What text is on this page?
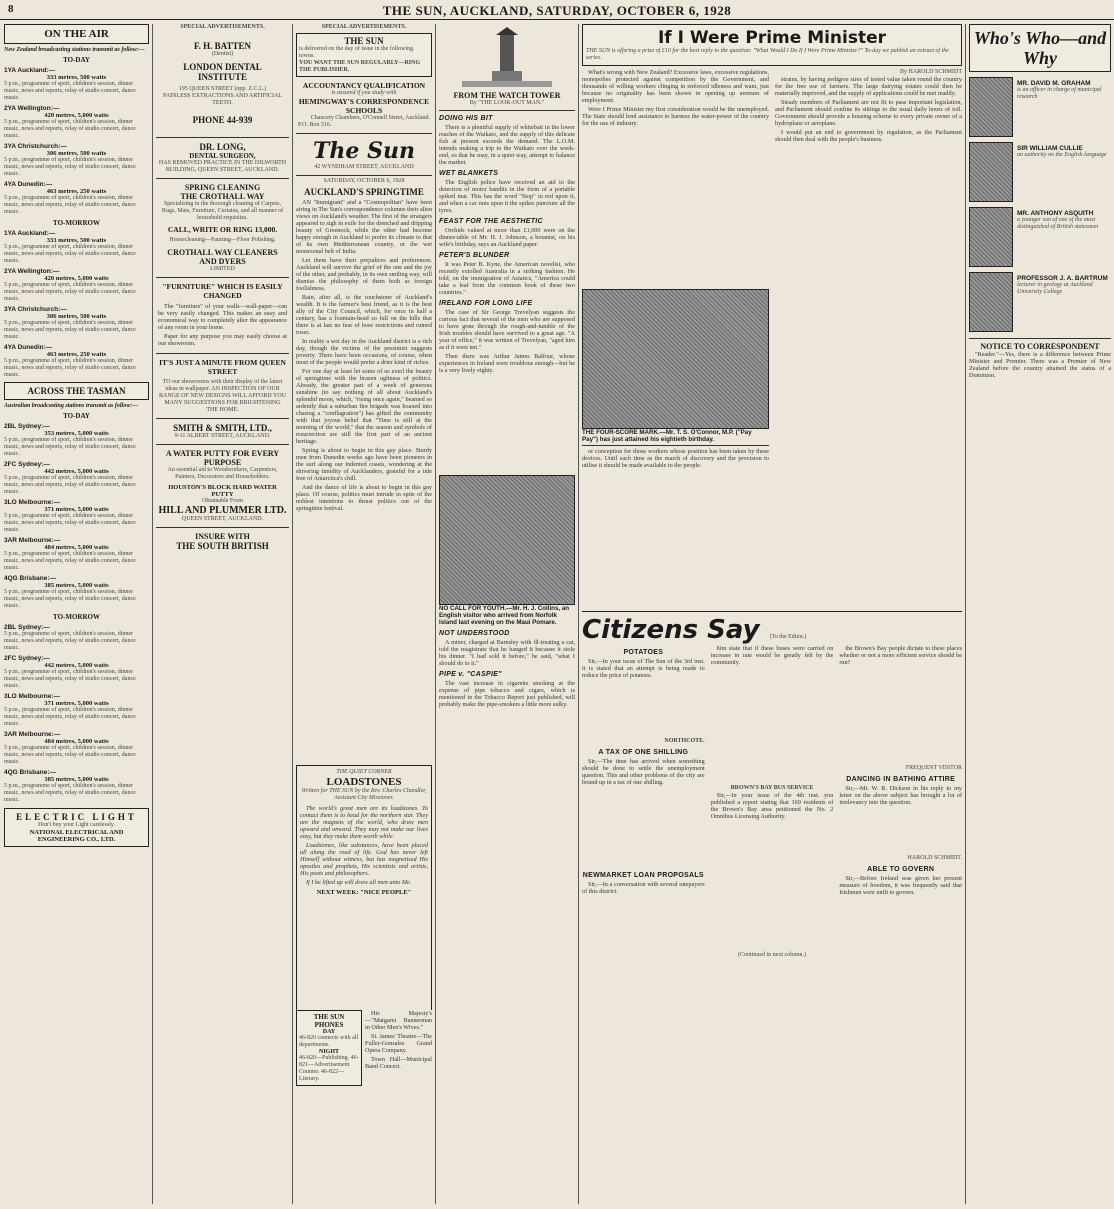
8	THE SUN, AUCKLAND, SATURDAY, OCTOBER 6, 1928
ON THE AIR
New Zealand broadcasting stations transmit as follow:—
TO-DAY
1YA Auckland:—
333 metres, 500 watts
5 p.m., programme of sport, children's session, dinner music, news and reports, relay of studio concert, dance music.
2YA Wellington:—
420 metres, 5,000 watts
5 p.m., programme of sport, children's session, dinner music, news and reports, relay of studio concert, dance music.
3YA Christchurch:—
306 metres, 500 watts
5 p.m., programme of sport, children's session, dinner music, news and reports, relay of studio concert, dance music.
4YA Dunedin:—
463 metres, 250 watts
5 p.m., programme of sport, children's session, dinner music, news and reports, relay of studio concert, dance music.
TO-MORROW
1YA Auckland:—
333 metres, 500 watts
5 p.m., programme of sport, children's session, dinner music, news and reports, relay of studio concert, dance music.
2YA Wellington:—
420 metres, 5,000 watts
5 p.m., programme of sport, children's session, dinner music, news and reports, relay of studio concert, dance music.
3YA Christchurch:—
306 metres, 500 watts
5 p.m., programme of sport, children's session, dinner music, news and reports, relay of studio concert, dance music.
4YA Dunedin:—
463 metres, 250 watts
5 p.m., programme of sport, children's session, dinner music, news and reports, relay of studio concert, dance music.
ACROSS THE TASMAN
Australian broadcasting stations transmit as follow:—
TO-DAY
2BL Sydney:—
353 metres, 5,000 watts
5 p.m., programme of sport, children's session, dinner music, news and reports, relay of studio concert, dance music.
2FC Sydney:—
442 metres, 5,000 watts
5 p.m., programme of sport, children's session, dinner music, news and reports, relay of studio concert, dance music.
3LO Melbourne:—
371 metres, 5,000 watts
5 p.m., programme of sport, children's session, dinner music, news and reports, relay of studio concert, dance music.
3AR Melbourne:—
484 metres, 5,000 watts
5 p.m., programme of sport, children's session, dinner music, news and reports, relay of studio concert, dance music.
4QG Brisbane:—
385 metres, 5,000 watts
5 p.m., programme of sport, children's session, dinner music, news and reports, relay of studio concert, dance music.
TO-MORROW
2BL Sydney:—
5 p.m., programme of sport, children's session, dinner music, news and reports, relay of studio concert, dance music.
2FC Sydney:—
442 metres, 5,000 watts
5 p.m., programme of sport, children's session, dinner music, news and reports, relay of studio concert, dance music.
3LO Melbourne:—
371 metres, 5,000 watts
5 p.m., programme of sport, children's session, dinner music, news and reports, relay of studio concert, dance music.
3AR Melbourne:—
484 metres, 5,000 watts
5 p.m., programme of sport, children's session, dinner music, news and reports, relay of studio concert, dance music.
4QG Brisbane:—
385 metres, 5,000 watts
5 p.m., programme of sport, children's session, dinner music, news and reports, relay of studio concert, dance music.
ELECTRIC LIGHT
Don't buy your Light carelessly.
NATIONAL ELECTRICAL AND ENGINEERING CO., LTD.
SPECIAL ADVERTISEMENTS.
F. H. BATTEN
(Dentist)
LONDON DENTAL INSTITUTE
195 QUEEN STREET (opp. Z.C.L.)
PAINLESS EXTRACTIONS AND ARTIFICIAL TEETH.
PHONE 44-939
DR. LONG,
DENTAL SURGEON,
HAS REMOVED PRACTICE IN THE DILWORTH BUILDING, QUEEN STREET, AUCKLAND.
SPRING CLEANING
THE CROTHALL WAY
Specialising in the thorough cleaning of Carpets, Rugs, Mats, Furniture, Curtains, and all manner of household requisites.
CALL, WRITE OR RING 13,000.
Housecleaning—Painting—Floor Polishing.
CROTHALL WAY CLEANERS AND DYERS
LIMITED
"FURNITURE" WHICH IS EASILY CHANGED

The "furniture" of your walls—wall-paper—can be very easily changed. This makes an easy and economical way to completely alter the appearance of any room in your home.

Paper for any purpose you may easily choose at our showroom.

IT'S JUST A MINUTE FROM QUEEN STREET
TO our showrooms with their display of the latest ideas in wallpaper. AN INSPECTION OF OUR RANGE OF NEW DESIGNS WILL AFFORD YOU MANY SUGGESTIONS FOR BRIGHTENING THE HOME.
SMITH & SMITH, LTD.,
9-11 ALBERT STREET, AUCKLAND.
A WATER PUTTY FOR EVERY PURPOSE
An essential aid to Woodworkers, Carpenters, Painters, Decorators and Householders.
HOUSTON'S BLOCK HARD WATER PUTTY
Obtainable From
HILL AND PLUMMER LTD.
QUEEN STREET, AUCKLAND.
INSURE WITH
THE SOUTH BRITISH
SPECIAL ADVERTISEMENTS.
THE SUN
is delivered on the day of issue in the following towns.
YOU WANT THE SUN REGULARLY—RING THE PUBLISHER.
ACCOUNTANCY QUALIFICATION
is assured if you study with
HEMINGWAY'S CORRESPONDENCE SCHOOLS
Chancery Chambers, O'Connell Street, Auckland.
P.O. Box 516.
The Sun
42 WYNDHAM STREET, AUCKLAND
SATURDAY, OCTOBER 6, 1928
AUCKLAND'S SPRINGTIME

AN "Immigrant" and a "Cosmopolitan" have been airing in The Sun's correspondence columns their alien views on Auckland's weather. The first of the strangers appeared to sigh in exile for the drenched and dripping beauty of Greenock, while the other had become happy enough in Auckland to prefer its climate to that of its own Mediterranean country, or the wet monsoonal belt of India.

Let them have their prejudices and preferences. Auckland will survive the grief of the one and the joy of the other, and probably, in its own smiling way, will dismiss the philosophy of them both as foreign foolishness.

Rain, after all, is the touchstone of Auckland's wealth. It is the farmer's best friend, as it is the best ally of the City Council, which, for once in half a century, has a fountain-head so full on the hills that there is at last no fear of hose restrictions and ruined roses.

In reality a wet day in the Auckland district is a rich day, though the victims of the pessimist suggests poverty. There have been occasions, of course, when most of the people would prefer a drier kind of riches.

For one day at least let some of us extol the beauty of springtime with the brazen ugliness of politics. Already, the greater part of a week of generous sunshine (to say nothing of all about Auckland's splendid moon, which, "rising once again," beamed so ardently that a suburban fire brigade was hoaxed into chasing a "conflagration") has gifted the community with that joyous belief that "Time is still at the morning of the world," that the season and symbols of resurrection are still the first part of an ancient heritage.

Spring is about to begin in this gay place. Sturdy men from Dunedin weeks ago have been pioneers in the surf along our indented coasts, wondering at the shivering timidity of Aucklanders, grateful for a tide free of Antarctica's chill.

And the dance of life is about to begin in this gay place. Of course, politics must intrude in spite of the noblest intentions to thrust politics out of the springtime festival.

THE QUIET CORNER
LOADSTONES
Written for THE SUN by the Rev. Charles Chandler, Assistant City Missioner.

The world's great men are its loadstones. To contact them is to head for the northern star. They are the magnets of the world, who draw men upward and onward. They may not make our lives easy, but they make them worth while.

Loadstones, like substances, have been placed all along the road of life. God has never left Himself without witness, but has magnetised His apostles and prophets, His scientists and artists, His poets and philosophers.

If I be lifted up will draw all men unto Me.

NEXT WEEK: "NICE PEOPLE"
THE SUN PHONES
DAY
46-820 connects with all departments.
NIGHT
46-820—Publishing. 46-821—Advertisement Counter. 46-822—Literary.

His Majesty's—"Margaret Bannerman in Other Men's Wives."

St. James' Theatre—The Fuller-Gonsales Grand Opera Company.

Town Hall—Municipal Band Concert.

FROM THE WATCH TOWER
By "THE LOOK-OUT MAN."
DOING HIS BIT

There is a plentiful supply of whitebait in the lower reaches of the Waikato, and the supply of this delicate fish at present exceeds the demand. The L.O.M. intends making a trip to the Waikato over the week-end, so that he may, in a quiet way, attempt to balance the market.

WET BLANKETS

The English police have received an aid to the detection of motor bandits in the form of a portable spiked mat. This has the word "Stop" in red upon it, and when a car runs upon it the spikes puncture all the tyres.

FEAST FOR THE AESTHETIC

Orchids valued at more than £1,000 were on the dinner-table of Mr. H. J. Johnson, a botanist, on his wife's birthday, says an Auckland paper.

PETER'S BLUNDER

It was Peter B. Kyne, the American novelist, who recently extolled Australia in a striking fashion. He told, on the immigration of Asiatics, "America could take a leaf from the common book of these two countries."

IRELAND FOR LONG LIFE

The case of Sir George Trevelyan suggests the curious fact that several of the men who are supposed to have gone through the rough-and-tumble of the Irish troubles should have survived to a great age. "A year of office," it was written of Trevelyan, "aged him as if it were ten."

Then there was Arthur James Balfour, whose experiences in Ireland were troublous enough—but he is a very lively eighty.

NO CALL FOR YOUTH.—Mr. H. J. Collins, an English visitor who arrived from Norfolk Island last evening on the Maui Pomare.
NOT UNDERSTOOD

A miner, charged at Barnsley with ill-treating a cat, told the magistrate that he hanged it because it stole his dinner. "I had sold it before," he said, "what I should do to it."

PIPE v. "CASPIE"

The vast increase in cigarette smoking at the expense of pipe tobacco and cigars, which is mentioned in the Tobacco Report just published, will probably make the pipe-smokers a little more sulky.

If I Were Prime Minister
THE SUN is offering a prize of £10 for the best reply to the question: "What Would I Do If I Were Prime Minister?" To-day we publish an extract of the series.

What's wrong with New Zealand? Excessive laws, excessive regulations, monopolies protected against competition by the Government, and thousands of willing workers clinging in enforced idleness and want, just because no originality has been shown in opening up avenues of employment.

Were I Prime Minister my first consideration would be the unemployed. The State should lend assistance to harness the water-power of the country for the use of industry.

THE FOUR-SCORE MARK.—Mr. T. S. O'Connor, M.P. ("Pay Pay") has just attained his eightieth birthday.

or conception for those workers whose position has been taken by these devices. Until such time as the march of discovery and the provision to utilise it should be made available to the people.

By HAROLD SCHMIDT

strains, by having pedigree sires of tested value taken round the country for the free use of farmers. The large dairying estates could then be materially improved, and the supply of applications could be met readily.

Steady members of Parliament are not fit to pass important legislation, and Parliament should confine its sittings to the usual daily hours of toil. Government should provide a housing scheme to every private owner of a hydroplane or aeroplane.

I would put an end to government by regulation, as the Parliament should then deal with the people's business.

Citizens Say (To the Editor.)
POTATOES

Sir,—In your issue of The Sun of the 3rd inst. it is stated that an attempt is being made to reduce the price of potatoes.

NORTHCOTE.
A TAX OF ONE SHILLING

Sir,—The time has arrived when something should be done to settle the unemployment question. This and other problems of the city are bound up in a tax of one shilling.

NEWMARKET LOAN PROPOSALS

Sir,—In a conversation with several ratepayers of this district.

him state that if these buses were carried on increase in rate would be greatly felt by the community.

BROWN'S BAY BUS SERVICE

Sir,—In your issue of the 4th inst. you published a report stating that 160 residents of the Brown's Bay area petitioned the No. 2 Omnibus Licensing Authority.

(Continued in next column.)

the Brown's Bay people dictate to these places whether or not a more efficient service should be run?

FREQUENT VISITOR
DANCING IN BATHING ATTIRE

Sir,—Mr. W. R. Dickson in his reply to my letter on the above subject has brought a lot of irrelevancy into the question.

HAROLD SCHMIDT.
ABLE TO GOVERN

Sir,—Before Ireland was given her present measure of freedom, it was frequently said that Irishmen were unfit to govern.

Who's Who—and Why
MR. DAVID M. GRAHAM
is an officer in charge of municipal research
SIR WILLIAM CULLIE
an authority on the English language
MR. ANTHONY ASQUITH
a younger son of one of the most distinguished of British statesmen
PROFESSOR J. A. BARTRUM
lecturer in geology at Auckland University College
NOTICE TO CORRESPONDENT

"Reader."—Yes, there is a difference between Prime Minister and Premier. There was a Premier of New Zealand before the country attained the status of a Dominion.
